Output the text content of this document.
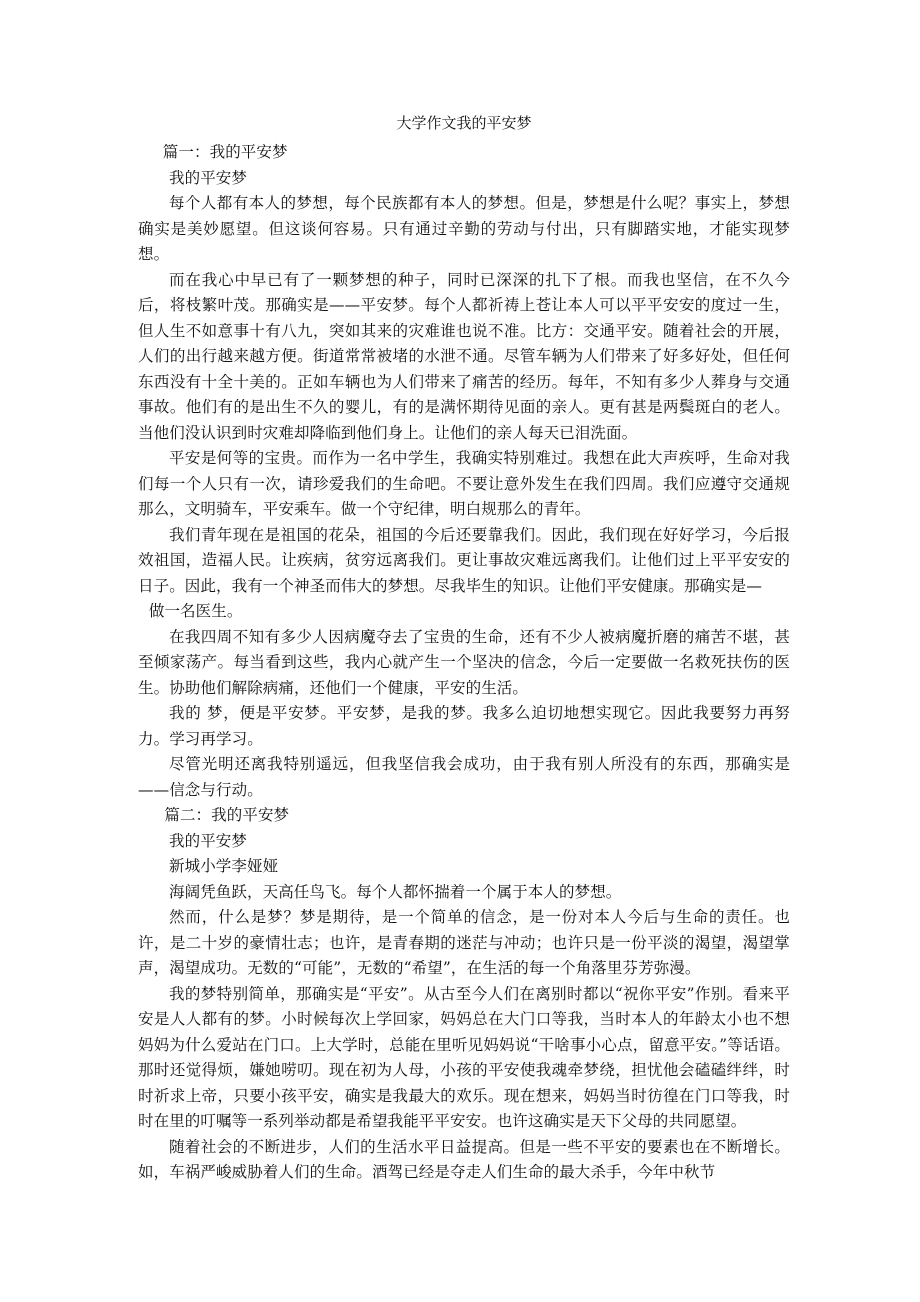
大学作文我的平安梦
篇一：我的平安梦
我的平安梦
每个人都有本人的梦想，每个民族都有本人的梦想。但是，梦想是什么呢？事实上，梦想确实是美妙愿望。但这谈何容易。只有通过辛勤的劳动与付出，只有脚踏实地，才能实现梦想。
而在我心中早已有了一颗梦想的种子，同时已深深的扎下了根。而我也坚信，在不久今后，将枝繁叶茂。那确实是——平安梦。每个人都祈祷上苍让本人可以平平安安的度过一生，但人生不如意事十有八九，突如其来的灾难谁也说不准。比方：交通平安。随着社会的开展，人们的出行越来越方便。街道常常被堵的水泄不通。尽管车辆为人们带来了好多好处，但任何东西没有十全十美的。正如车辆也为人们带来了痛苦的经历。每年，不知有多少人葬身与交通事故。他们有的是出生不久的婴儿，有的是满怀期待见面的亲人。更有甚是两鬓斑白的老人。当他们没认识到时灾难却降临到他们身上。让他们的亲人每天已泪洗面。
平安是何等的宝贵。而作为一名中学生，我确实特别难过。我想在此大声疾呼，生命对我们每一个人只有一次，请珍爱我们的生命吧。不要让意外发生在我们四周。我们应遵守交通规那么，文明骑车，平安乘车。做一个守纪律，明白规那么的青年。
我们青年现在是祖国的花朵，祖国的今后还要靠我们。因此，我们现在好好学习，今后报效祖国，造福人民。让疾病，贫穷远离我们。更让事故灾难远离我们。让他们过上平平安安的日子。因此，我有一个神圣而伟大的梦想。尽我毕生的知识。让他们平安健康。那确实是—
做一名医生。
在我四周不知有多少人因病魔夺去了宝贵的生命，还有不少人被病魔折磨的痛苦不堪，甚至倾家荡产。每当看到这些，我内心就产生一个坚决的信念，今后一定要做一名救死扶伤的医生。协助他们解除病痛，还他们一个健康，平安的生活。
我的 梦，便是平安梦。平安梦，是我的梦。我多么迫切地想实现它。因此我要努力再努力。学习再学习。
尽管光明还离我特别遥远，但我坚信我会成功，由于我有别人所没有的东西，那确实是——信念与行动。
篇二：我的平安梦
我的平安梦
新城小学李娅娅
海阔凭鱼跃，天高任鸟飞。每个人都怀揣着一个属于本人的梦想。
然而，什么是梦？梦是期待，是一个简单的信念，是一份对本人今后与生命的责任。也许，是二十岁的豪情壮志；也许，是青春期的迷茫与冲动；也许只是一份平淡的渴望，渴望掌声，渴望成功。无数的“可能”，无数的“希望”，在生活的每一个角落里芬芳弥漫。
我的梦特别简单，那确实是“平安”。从古至今人们在离别时都以“祝你平安”作别。看来平安是人人都有的梦。小时候每次上学回家，妈妈总在大门口等我，当时本人的年龄太小也不想妈妈为什么爱站在门口。上大学时，总能在里听见妈妈说“干啥事小心点，留意平安。”等话语。那时还觉得烦，嫌她唠叨。现在初为人母，小孩的平安使我魂牵梦绕，担忧他会磕磕绊绊，时时祈求上帝，只要小孩平安，确实是我最大的欢乐。现在想来，妈妈当时彷徨在门口等我，时时在里的叮嘱等一系列举动都是希望我能平平安安。也许这确实是天下父母的共同愿望。
随着社会的不断进步，人们的生活水平日益提高。但是一些不平安的要素也在不断增长。如，车祸严峻威胁着人们的生命。酒驾已经是夺走人们生命的最大杀手，今年中秋节
